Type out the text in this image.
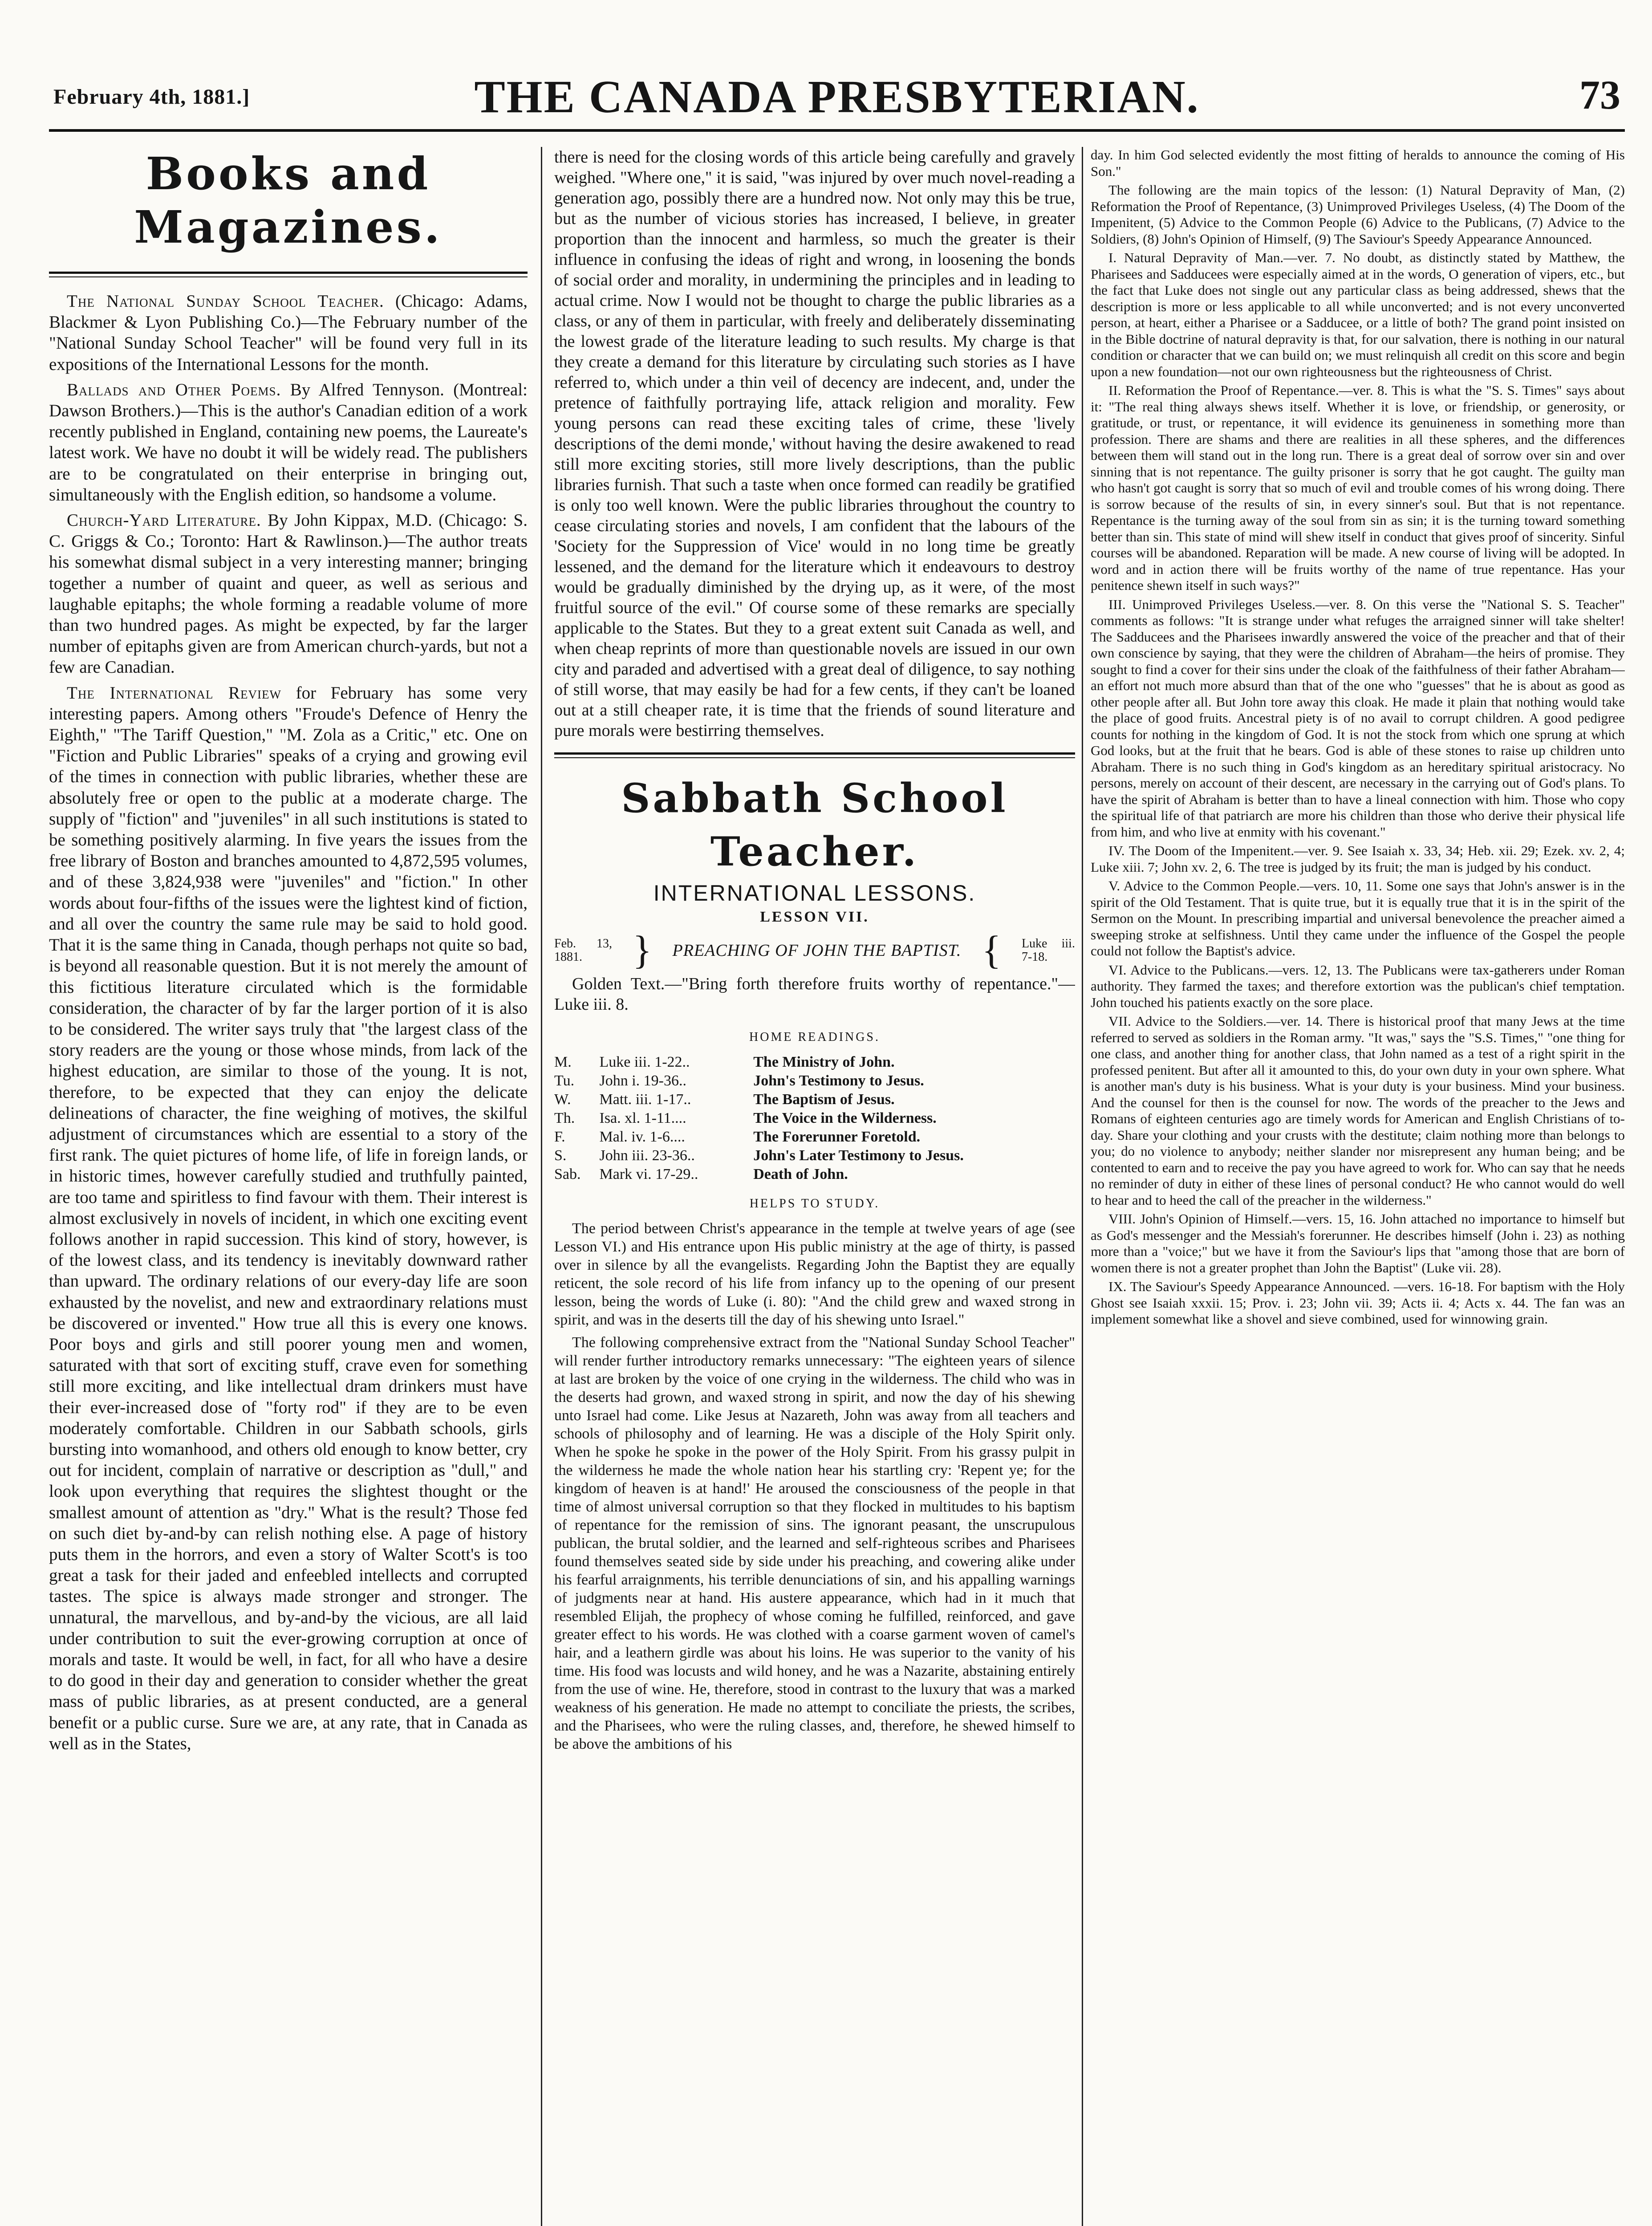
February 4th, 1881.]	THE CANADA PRESBYTERIAN.	73
Books and Magazines.

The National Sunday School Teacher. (Chicago: Adams, Blackmer & Lyon Publishing Co.)—The February number of the "National Sunday School Teacher" will be found very full in its expositions of the International Lessons for the month.

Ballads and Other Poems. By Alfred Tennyson. (Montreal: Dawson Brothers.)—This is the author's Canadian edition of a work recently published in England, containing new poems, the Laureate's latest work. We have no doubt it will be widely read. The publishers are to be congratulated on their enterprise in bringing out, simultaneously with the English edition, so handsome a volume.

Church-Yard Literature. By John Kippax, M.D. (Chicago: S. C. Griggs & Co.; Toronto: Hart & Rawlinson.)—The author treats his somewhat dismal subject in a very interesting manner; bringing together a number of quaint and queer, as well as serious and laughable epitaphs; the whole forming a readable volume of more than two hundred pages. As might be expected, by far the larger number of epitaphs given are from American church-yards, but not a few are Canadian.

The International Review for February has some very interesting papers. Among others "Froude's Defence of Henry the Eighth," "The Tariff Question," "M. Zola as a Critic," etc. One on "Fiction and Public Libraries" speaks of a crying and growing evil of the times in connection with public libraries, whether these are absolutely free or open to the public at a moderate charge. The supply of "fiction" and "juveniles" in all such institutions is stated to be something positively alarming. In five years the issues from the free library of Boston and branches amounted to 4,872,595 volumes, and of these 3,824,938 were "juveniles" and "fiction." In other words about four-fifths of the issues were the lightest kind of fiction, and all over the country the same rule may be said to hold good. That it is the same thing in Canada, though perhaps not quite so bad, is beyond all reasonable question. But it is not merely the amount of this fictitious literature circulated which is the formidable consideration, the character of by far the larger portion of it is also to be considered. The writer says truly that "the largest class of the story readers are the young or those whose minds, from lack of the highest education, are similar to those of the young. It is not, therefore, to be expected that they can enjoy the delicate delineations of character, the fine weighing of motives, the skilful adjustment of circumstances which are essential to a story of the first rank. The quiet pictures of home life, of life in foreign lands, or in historic times, however carefully studied and truthfully painted, are too tame and spiritless to find favour with them. Their interest is almost exclusively in novels of incident, in which one exciting event follows another in rapid succession. This kind of story, however, is of the lowest class, and its tendency is inevitably downward rather than upward. The ordinary relations of our every-day life are soon exhausted by the novelist, and new and extraordinary relations must be discovered or invented." How true all this is every one knows. Poor boys and girls and still poorer young men and women, saturated with that sort of exciting stuff, crave even for something still more exciting, and like intellectual dram drinkers must have their ever-increased dose of "forty rod" if they are to be even moderately comfortable. Children in our Sabbath schools, girls bursting into womanhood, and others old enough to know better, cry out for incident, complain of narrative or description as "dull," and look upon everything that requires the slightest thought or the smallest amount of attention as "dry." What is the result? Those fed on such diet by-and-by can relish nothing else. A page of history puts them in the horrors, and even a story of Walter Scott's is too great a task for their jaded and enfeebled intellects and corrupted tastes. The spice is always made stronger and stronger. The unnatural, the marvellous, and by-and-by the vicious, are all laid under contribution to suit the ever-growing corruption at once of morals and taste. It would be well, in fact, for all who have a desire to do good in their day and generation to consider whether the great mass of public libraries, as at present conducted, are a general benefit or a public curse. Sure we are, at any rate, that in Canada as well as in the States,

there is need for the closing words of this article being carefully and gravely weighed. "Where one," it is said, "was injured by over much novel-reading a generation ago, possibly there are a hundred now. Not only may this be true, but as the number of vicious stories has increased, I believe, in greater proportion than the innocent and harmless, so much the greater is their influence in confusing the ideas of right and wrong, in loosening the bonds of social order and morality, in undermining the principles and in leading to actual crime. Now I would not be thought to charge the public libraries as a class, or any of them in particular, with freely and deliberately disseminating the lowest grade of the literature leading to such results. My charge is that they create a demand for this literature by circulating such stories as I have referred to, which under a thin veil of decency are indecent, and, under the pretence of faithfully portraying life, attack religion and morality. Few young persons can read these exciting tales of crime, these 'lively descriptions of the demi monde,' without having the desire awakened to read still more exciting stories, still more lively descriptions, than the public libraries furnish. That such a taste when once formed can readily be gratified is only too well known. Were the public libraries throughout the country to cease circulating stories and novels, I am confident that the labours of the 'Society for the Suppression of Vice' would in no long time be greatly lessened, and the demand for the literature which it endeavours to destroy would be gradually diminished by the drying up, as it were, of the most fruitful source of the evil." Of course some of these remarks are specially applicable to the States. But they to a great extent suit Canada as well, and when cheap reprints of more than questionable novels are issued in our own city and paraded and advertised with a great deal of diligence, to say nothing of still worse, that may easily be had for a few cents, if they can't be loaned out at a still cheaper rate, it is time that the friends of sound literature and pure morals were bestirring themselves.

Sabbath School Teacher.
INTERNATIONAL LESSONS.
LESSON VII.
Feb. 13, 1881.	} PREACHING OF JOHN THE BAPTIST. { Luke iii. 7-18.

Golden Text.—"Bring forth therefore fruits worthy of repentance."—Luke iii. 8.

HOME READINGS.
M.	Luke iii. 1-22..	The Ministry of John.
Tu.	John i. 19-36..	John's Testimony to Jesus.
W.	Matt. iii. 1-17..	The Baptism of Jesus.
Th.	Isa. xl. 1-11....	The Voice in the Wilderness.
F.	Mal. iv. 1-6....	The Forerunner Foretold.
S.	John iii. 23-36..	John's Later Testimony to Jesus.
Sab.	Mark vi. 17-29..	Death of John.
HELPS TO STUDY.

The period between Christ's appearance in the temple at twelve years of age (see Lesson VI.) and His entrance upon His public ministry at the age of thirty, is passed over in silence by all the evangelists. Regarding John the Baptist they are equally reticent, the sole record of his life from infancy up to the opening of our present lesson, being the words of Luke (i. 80): "And the child grew and waxed strong in spirit, and was in the deserts till the day of his shewing unto Israel."

The following comprehensive extract from the "National Sunday School Teacher" will render further introductory remarks unnecessary: "The eighteen years of silence at last are broken by the voice of one crying in the wilderness. The child who was in the deserts had grown, and waxed strong in spirit, and now the day of his shewing unto Israel had come. Like Jesus at Nazareth, John was away from all teachers and schools of philosophy and of learning. He was a disciple of the Holy Spirit only. When he spoke he spoke in the power of the Holy Spirit. From his grassy pulpit in the wilderness he made the whole nation hear his startling cry: 'Repent ye; for the kingdom of heaven is at hand!' He aroused the consciousness of the people in that time of almost universal corruption so that they flocked in multitudes to his baptism of repentance for the remission of sins. The ignorant peasant, the unscrupulous publican, the brutal soldier, and the learned and self-righteous scribes and Pharisees found themselves seated side by side under his preaching, and cowering alike under his fearful arraignments, his terrible denunciations of sin, and his appalling warnings of judgments near at hand. His austere appearance, which had in it much that resembled Elijah, the prophecy of whose coming he fulfilled, reinforced, and gave greater effect to his words. He was clothed with a coarse garment woven of camel's hair, and a leathern girdle was about his loins. He was superior to the vanity of his time. His food was locusts and wild honey, and he was a Nazarite, abstaining entirely from the use of wine. He, therefore, stood in contrast to the luxury that was a marked weakness of his generation. He made no attempt to conciliate the priests, the scribes, and the Pharisees, who were the ruling classes, and, therefore, he shewed himself to be above the ambitions of his

day. In him God selected evidently the most fitting of heralds to announce the coming of His Son."

The following are the main topics of the lesson: (1) Natural Depravity of Man, (2) Reformation the Proof of Repentance, (3) Unimproved Privileges Useless, (4) The Doom of the Impenitent, (5) Advice to the Common People (6) Advice to the Publicans, (7) Advice to the Soldiers, (8) John's Opinion of Himself, (9) The Saviour's Speedy Appearance Announced.

I. Natural Depravity of Man.—ver. 7. No doubt, as distinctly stated by Matthew, the Pharisees and Sadducees were especially aimed at in the words, O generation of vipers, etc., but the fact that Luke does not single out any particular class as being addressed, shews that the description is more or less applicable to all while unconverted; and is not every unconverted person, at heart, either a Pharisee or a Sadducee, or a little of both? The grand point insisted on in the Bible doctrine of natural depravity is that, for our salvation, there is nothing in our natural condition or character that we can build on; we must relinquish all credit on this score and begin upon a new foundation—not our own righteousness but the righteousness of Christ.

II. Reformation the Proof of Repentance.—ver. 8. This is what the "S. S. Times" says about it: "The real thing always shews itself. Whether it is love, or friendship, or generosity, or gratitude, or trust, or repentance, it will evidence its genuineness in something more than profession. There are shams and there are realities in all these spheres, and the differences between them will stand out in the long run. There is a great deal of sorrow over sin and over sinning that is not repentance. The guilty prisoner is sorry that he got caught. The guilty man who hasn't got caught is sorry that so much of evil and trouble comes of his wrong doing. There is sorrow because of the results of sin, in every sinner's soul. But that is not repentance. Repentance is the turning away of the soul from sin as sin; it is the turning toward something better than sin. This state of mind will shew itself in conduct that gives proof of sincerity. Sinful courses will be abandoned. Reparation will be made. A new course of living will be adopted. In word and in action there will be fruits worthy of the name of true repentance. Has your penitence shewn itself in such ways?"

III. Unimproved Privileges Useless.—ver. 8. On this verse the "National S. S. Teacher" comments as follows: "It is strange under what refuges the arraigned sinner will take shelter! The Sadducees and the Pharisees inwardly answered the voice of the preacher and that of their own conscience by saying, that they were the children of Abraham—the heirs of promise. They sought to find a cover for their sins under the cloak of the faithfulness of their father Abraham—an effort not much more absurd than that of the one who "guesses" that he is about as good as other people after all. But John tore away this cloak. He made it plain that nothing would take the place of good fruits. Ancestral piety is of no avail to corrupt children. A good pedigree counts for nothing in the kingdom of God. It is not the stock from which one sprung at which God looks, but at the fruit that he bears. God is able of these stones to raise up children unto Abraham. There is no such thing in God's kingdom as an hereditary spiritual aristocracy. No persons, merely on account of their descent, are necessary in the carrying out of God's plans. To have the spirit of Abraham is better than to have a lineal connection with him. Those who copy the spiritual life of that patriarch are more his children than those who derive their physical life from him, and who live at enmity with his covenant."

IV. The Doom of the Impenitent.—ver. 9. See Isaiah x. 33, 34; Heb. xii. 29; Ezek. xv. 2, 4; Luke xiii. 7; John xv. 2, 6. The tree is judged by its fruit; the man is judged by his conduct.

V. Advice to the Common People.—vers. 10, 11. Some one says that John's answer is in the spirit of the Old Testament. That is quite true, but it is equally true that it is in the spirit of the Sermon on the Mount. In prescribing impartial and universal benevolence the preacher aimed a sweeping stroke at selfishness. Until they came under the influence of the Gospel the people could not follow the Baptist's advice.

VI. Advice to the Publicans.—vers. 12, 13. The Publicans were tax-gatherers under Roman authority. They farmed the taxes; and therefore extortion was the publican's chief temptation. John touched his patients exactly on the sore place.

VII. Advice to the Soldiers.—ver. 14. There is historical proof that many Jews at the time referred to served as soldiers in the Roman army. "It was," says the "S.S. Times," "one thing for one class, and another thing for another class, that John named as a test of a right spirit in the professed penitent. But after all it amounted to this, do your own duty in your own sphere. What is another man's duty is his business. What is your duty is your business. Mind your business. And the counsel for then is the counsel for now. The words of the preacher to the Jews and Romans of eighteen centuries ago are timely words for American and English Christians of to-day. Share your clothing and your crusts with the destitute; claim nothing more than belongs to you; do no violence to anybody; neither slander nor misrepresent any human being; and be contented to earn and to receive the pay you have agreed to work for. Who can say that he needs no reminder of duty in either of these lines of personal conduct? He who cannot would do well to hear and to heed the call of the preacher in the wilderness."

VIII. John's Opinion of Himself.—vers. 15, 16. John attached no importance to himself but as God's messenger and the Messiah's forerunner. He describes himself (John i. 23) as nothing more than a "voice;" but we have it from the Saviour's lips that "among those that are born of women there is not a greater prophet than John the Baptist" (Luke vii. 28).

IX. The Saviour's Speedy Appearance Announced. —vers. 16-18. For baptism with the Holy Ghost see Isaiah xxxii. 15; Prov. i. 23; John vii. 39; Acts ii. 4; Acts x. 44. The fan was an implement somewhat like a shovel and sieve combined, used for winnowing grain.
